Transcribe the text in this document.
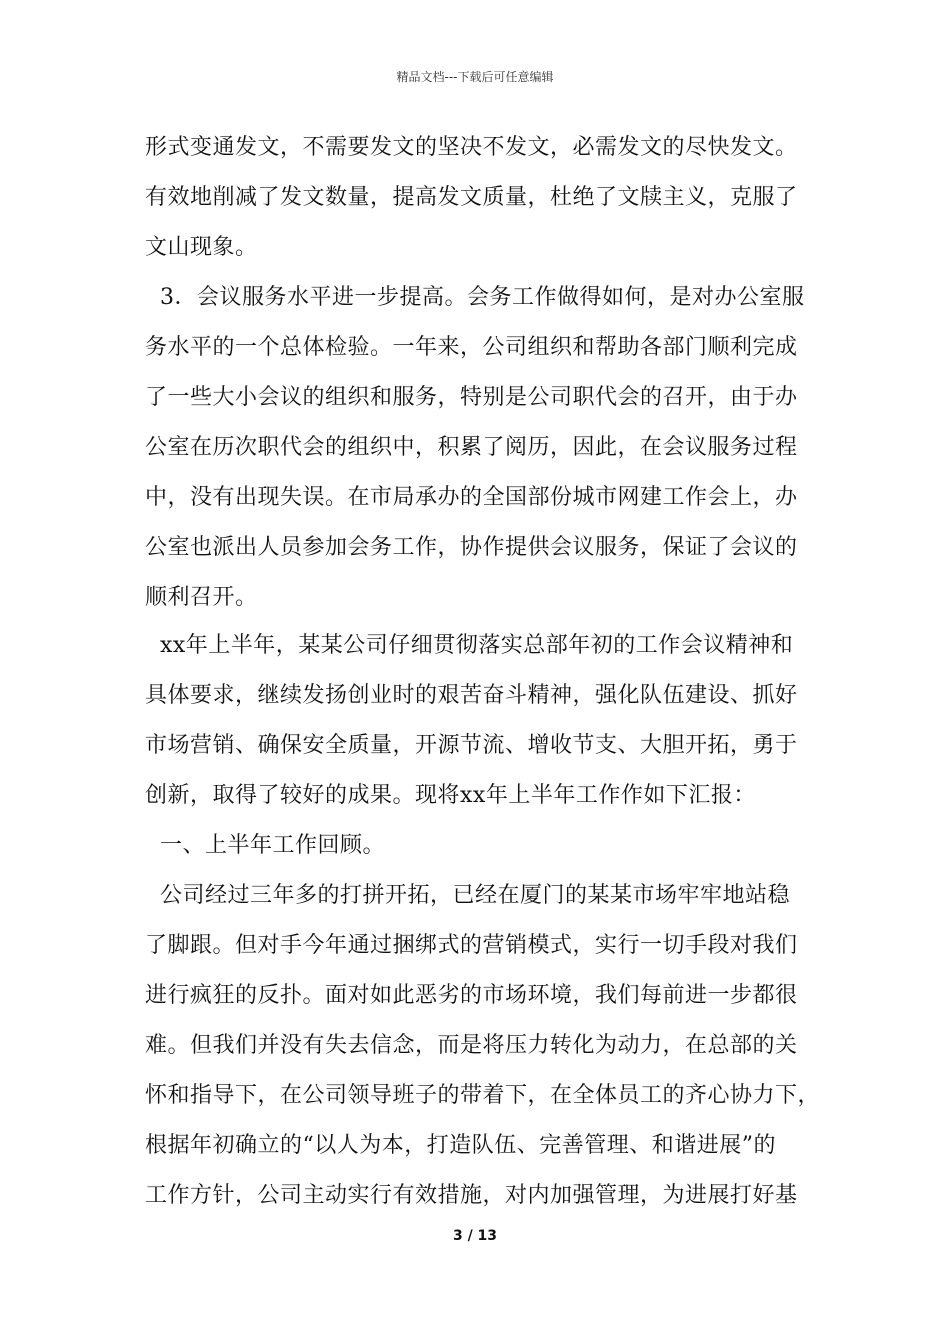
精品文档---下载后可任意编辑
形式变通发文，不需要发文的坚决不发文，必需发文的尽快发文。
有效地削减了发文数量，提高发文质量，杜绝了文牍主义，克服了
文山现象。
3．会议服务水平进一步提高。会务工作做得如何，是对办公室服
务水平的一个总体检验。一年来，公司组织和帮助各部门顺利完成
了一些大小会议的组织和服务，特别是公司职代会的召开，由于办
公室在历次职代会的组织中，积累了阅历，因此，在会议服务过程
中，没有出现失误。在市局承办的全国部份城市网建工作会上，办
公室也派出人员参加会务工作，协作提供会议服务，保证了会议的
顺利召开。
xx年上半年，某某公司仔细贯彻落实总部年初的工作会议精神和
具体要求，继续发扬创业时的艰苦奋斗精神，强化队伍建设、抓好
市场营销、确保安全质量，开源节流、增收节支、大胆开拓，勇于
创新，取得了较好的成果。现将xx年上半年工作作如下汇报：
一、上半年工作回顾。
公司经过三年多的打拼开拓，已经在厦门的某某市场牢牢地站稳
了脚跟。但对手今年通过捆绑式的营销模式，实行一切手段对我们
进行疯狂的反扑。面对如此恶劣的市场环境，我们每前进一步都很
难。但我们并没有失去信念，而是将压力转化为动力，在总部的关
怀和指导下，在公司领导班子的带着下，在全体员工的齐心协力下，
根据年初确立的“以人为本，打造队伍、完善管理、和谐进展”的
工作方针，公司主动实行有效措施，对内加强管理，为进展打好基
3 / 13
